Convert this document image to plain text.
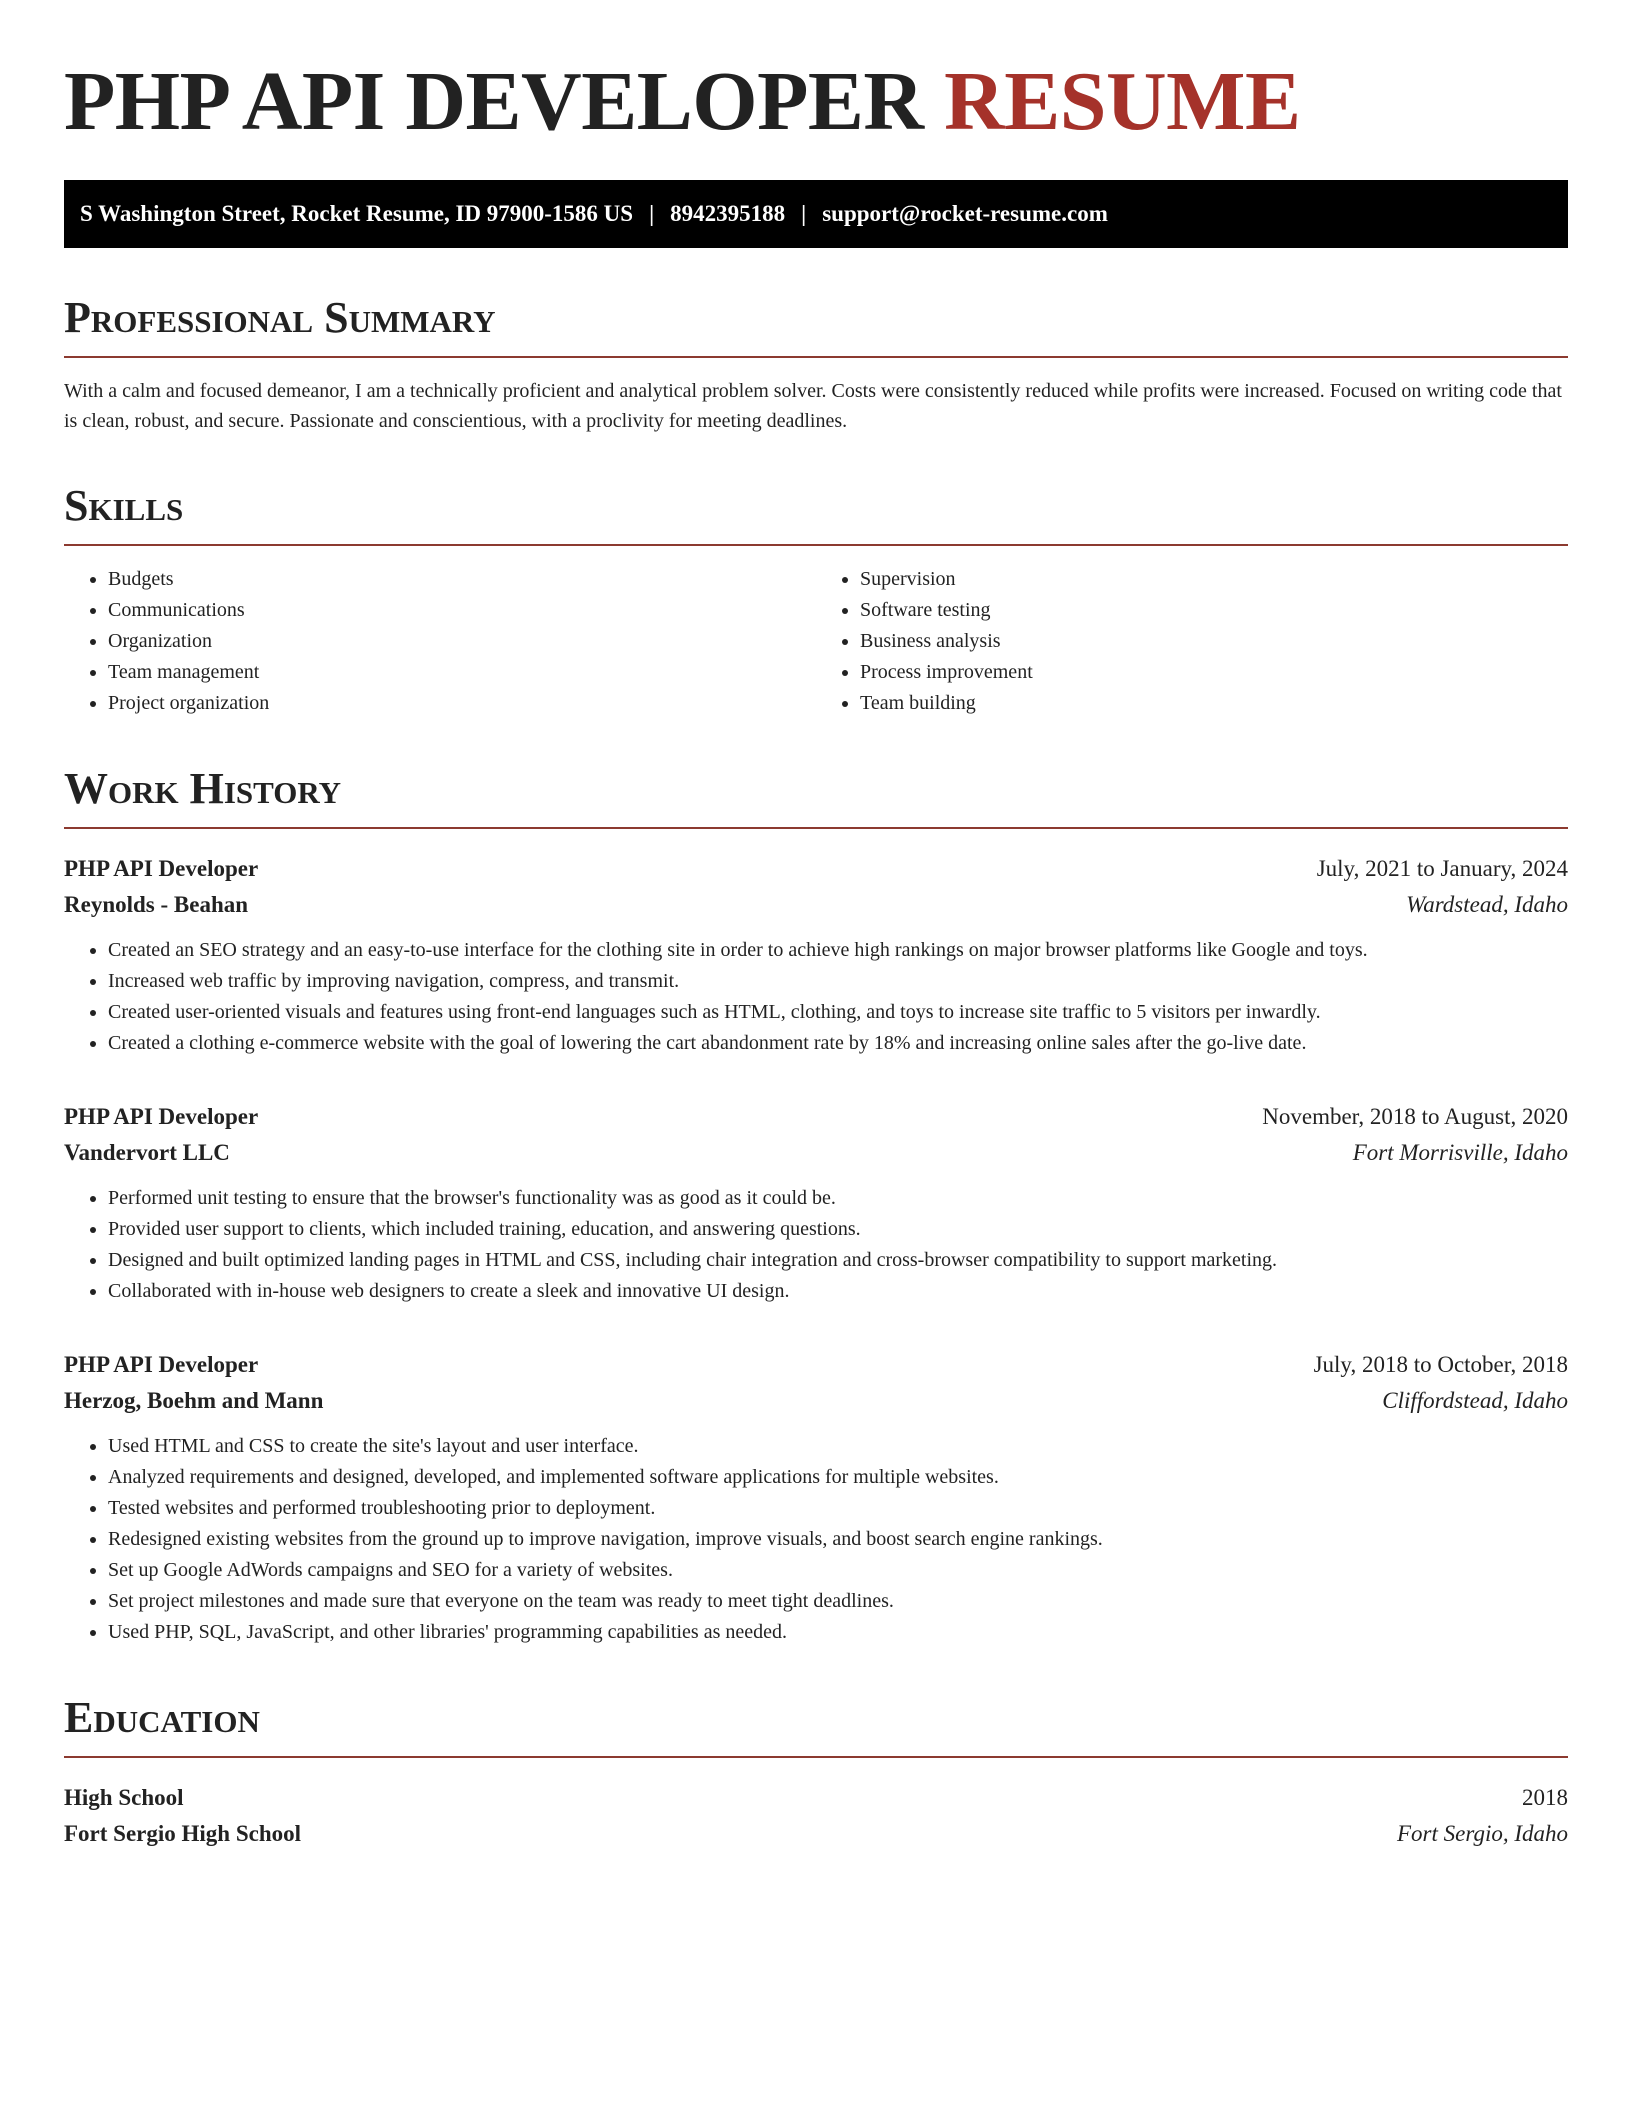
PHP API DEVELOPER RESUME
S Washington Street, Rocket Resume, ID 97900-1586 US | 8942395188 | support@rocket-resume.com
Professional Summary

With a calm and focused demeanor, I am a technically proficient and analytical problem solver. Costs were consistently reduced while profits were increased. Focused on writing code that is clean, robust, and secure. Passionate and conscientious, with a proclivity for meeting deadlines.

Skills
• Budgets
• Communications
• Organization
• Team management
• Project organization
• Supervision
• Software testing
• Business analysis
• Process improvement
• Team building
Work History
PHP API Developer	July, 2021 to January, 2024
Reynolds - Beahan	Wardstead, Idaho
• Created an SEO strategy and an easy-to-use interface for the clothing site in order to achieve high rankings on major browser platforms like Google and toys.
• Increased web traffic by improving navigation, compress, and transmit.
• Created user-oriented visuals and features using front-end languages such as HTML, clothing, and toys to increase site traffic to 5 visitors per inwardly.
• Created a clothing e-commerce website with the goal of lowering the cart abandonment rate by 18% and increasing online sales after the go-live date.
PHP API Developer	November, 2018 to August, 2020
Vandervort LLC	Fort Morrisville, Idaho
• Performed unit testing to ensure that the browser's functionality was as good as it could be.
• Provided user support to clients, which included training, education, and answering questions.
• Designed and built optimized landing pages in HTML and CSS, including chair integration and cross-browser compatibility to support marketing.
• Collaborated with in-house web designers to create a sleek and innovative UI design.
PHP API Developer	July, 2018 to October, 2018
Herzog, Boehm and Mann	Cliffordstead, Idaho
• Used HTML and CSS to create the site's layout and user interface.
• Analyzed requirements and designed, developed, and implemented software applications for multiple websites.
• Tested websites and performed troubleshooting prior to deployment.
• Redesigned existing websites from the ground up to improve navigation, improve visuals, and boost search engine rankings.
• Set up Google AdWords campaigns and SEO for a variety of websites.
• Set project milestones and made sure that everyone on the team was ready to meet tight deadlines.
• Used PHP, SQL, JavaScript, and other libraries' programming capabilities as needed.
Education
High School	2018
Fort Sergio High School	Fort Sergio, Idaho
